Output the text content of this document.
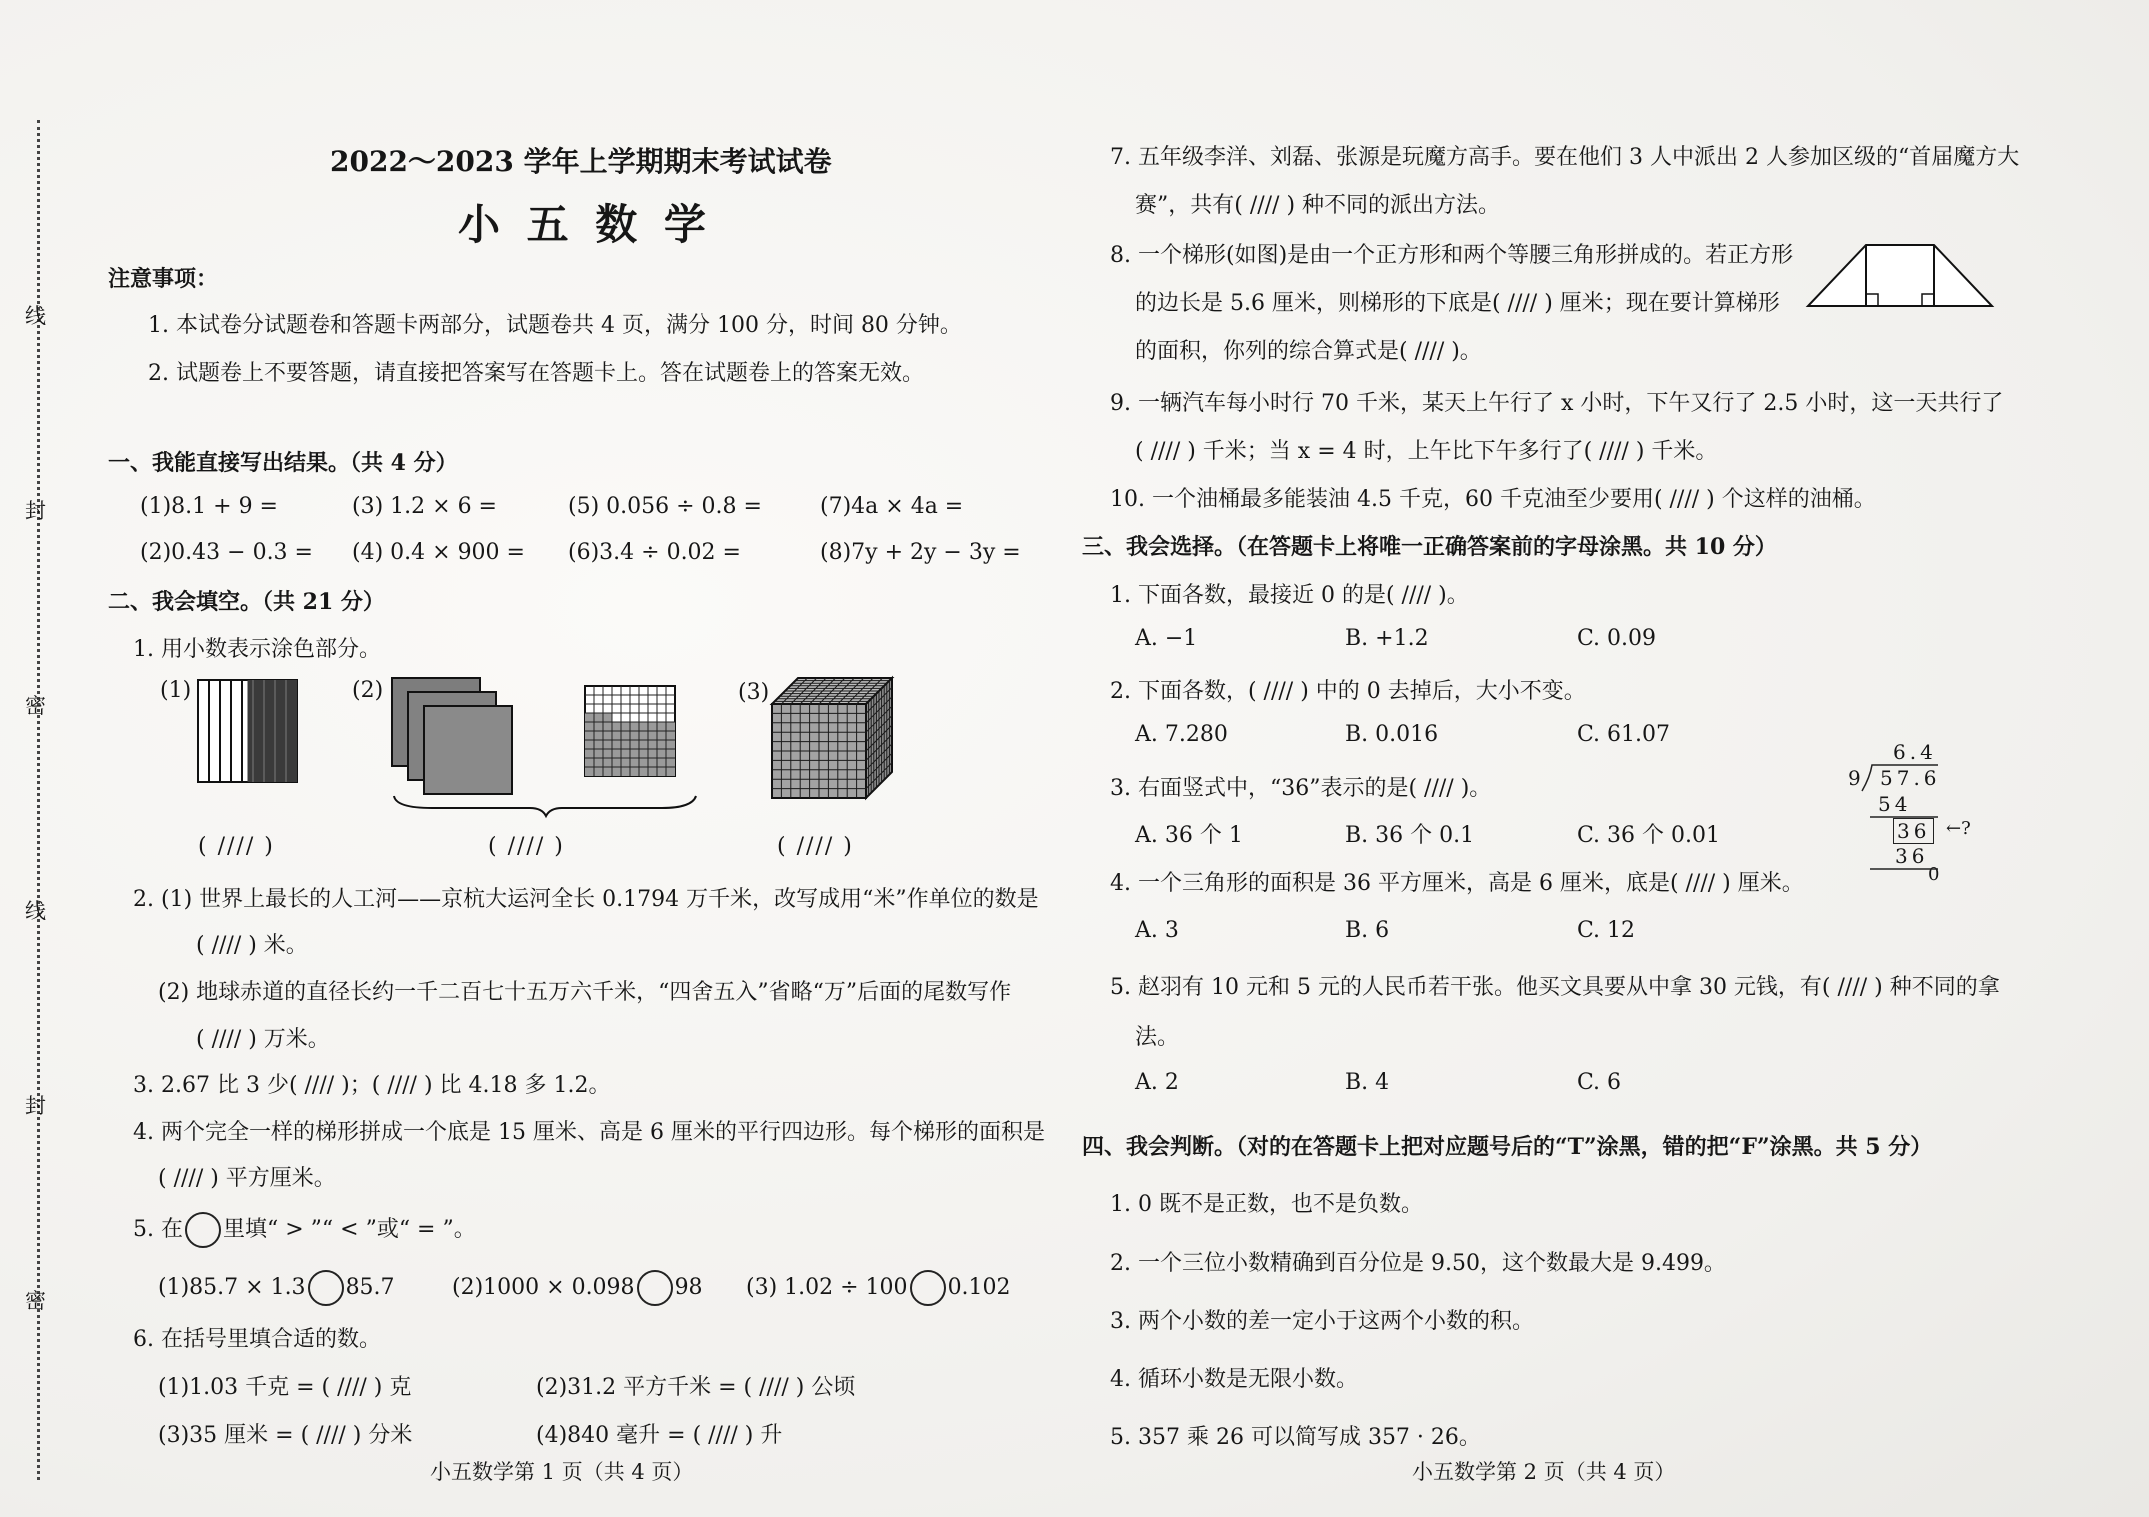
线
封
密
线
封
密
2022～2023 学年上学期期末考试试卷
小 五 数 学
注意事项：
1. 本试卷分试题卷和答题卡两部分，试题卷共 4 页，满分 100 分，时间 80 分钟。
2. 试题卷上不要答题，请直接把答案写在答题卡上。答在试题卷上的答案无效。
一、我能直接写出结果。（共 4 分）
(1)8.1 + 9 =	(3) 1.2 × 6 =	(5) 0.056 ÷ 0.8 =	(7)4a × 4a =
(2)0.43 − 0.3 = (4) 0.4 × 900 = (6)3.4 ÷ 0.02 =	(8)7y + 2y − 3y =
二、我会填空。（共 21 分）
1. 用小数表示涂色部分。
(1)	(2)	(3)
( //// )	( //// )	( //// )
2. (1) 世界上最长的人工河——京杭大运河全长 0.1794 万千米，改写成用“米”作单位的数是
( //// ) 米。
(2) 地球赤道的直径长约一千二百七十五万六千米，“四舍五入”省略“万”后面的尾数写作
( //// ) 万米。
3. 2.67 比 3 少( //// )；( //// ) 比 4.18 多 1.2。
4. 两个完全一样的梯形拼成一个底是 15 厘米、高是 6 厘米的平行四边形。每个梯形的面积是
( //// ) 平方厘米。
5. 在 里填“ > ”“ < ”或“ = ”。
(1)85.7 × 1.3 85.7	(2)1000 × 0.098 98 (3) 1.02 ÷ 100 0.102
6. 在括号里填合适的数。
(1)1.03 千克 = ( //// ) 克	(2)31.2 平方千米 = ( //// ) 公顷
(3)35 厘米 = ( //// ) 分米	(4)840 毫升 = ( //// ) 升
小五数学第 1 页（共 4 页）
7. 五年级李洋、刘磊、张源是玩魔方高手。要在他们 3 人中派出 2 人参加区级的“首届魔方大
赛”，共有( //// ) 种不同的派出方法。
8. 一个梯形(如图)是由一个正方形和两个等腰三角形拼成的。若正方形
的边长是 5.6 厘米，则梯形的下底是( //// ) 厘米；现在要计算梯形
的面积，你列的综合算式是( //// )。
9. 一辆汽车每小时行 70 千米，某天上午行了 x 小时，下午又行了 2.5 小时，这一天共行了
( //// ) 千米；当 x = 4 时，上午比下午多行了( //// ) 千米。
10. 一个油桶最多能装油 4.5 千克，60 千克油至少要用( //// ) 个这样的油桶。
三、我会选择。（在答题卡上将唯一正确答案前的字母涂黑。共 10 分）
1. 下面各数，最接近 0 的是( //// )。
A. −1	B. +1.2	C. 0.09
2. 下面各数，( //// ) 中的 0 去掉后，大小不变。
A. 7.280	B. 0.016	C. 61.07
3. 右面竖式中，“36”表示的是( //// )。
A. 36 个 1	B. 36 个 0.1	C. 36 个 0.01
6.4
9 57.6
54
36 ←?
36
0
4. 一个三角形的面积是 36 平方厘米，高是 6 厘米，底是( //// ) 厘米。
A. 3	B. 6	C. 12
5. 赵羽有 10 元和 5 元的人民币若干张。他买文具要从中拿 30 元钱，有( //// ) 种不同的拿
法。
A. 2	B. 4	C. 6
四、我会判断。（对的在答题卡上把对应题号后的“T”涂黑，错的把“F”涂黑。共 5 分）
1. 0 既不是正数，也不是负数。
2. 一个三位小数精确到百分位是 9.50，这个数最大是 9.499。
3. 两个小数的差一定小于这两个小数的积。
4. 循环小数是无限小数。
5. 357 乘 26 可以简写成 357 · 26。
小五数学第 2 页（共 4 页）
